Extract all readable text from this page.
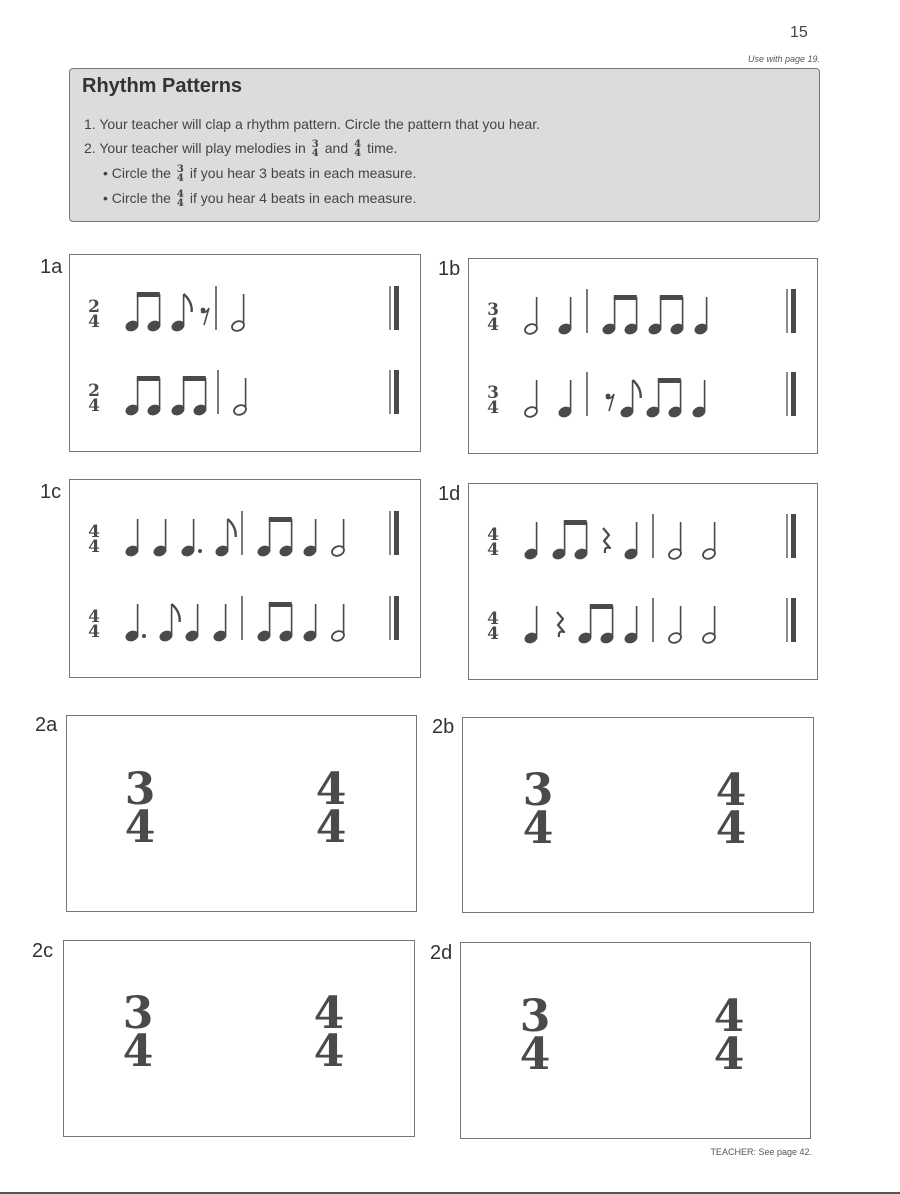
15
Use with page 19.
Rhythm Patterns
1. Your teacher will clap a rhythm pattern. Circle the pattern that you hear.
2. Your teacher will play melodies in 3
4 and 4
4 time.
• Circle the 3
4 if you hear 3 beats in each measure.
• Circle the 4
4 if you hear 4 beats in each measure.
1a
2
4
2
4
1b
3
4
3
4
1c
4
4
4
4
1d
4
4
4
4
2a
3
4
4
4
2b
3
4
4
4
2c
3
4
4
4
2d
3
4
4
4
TEACHER: See page 42.
